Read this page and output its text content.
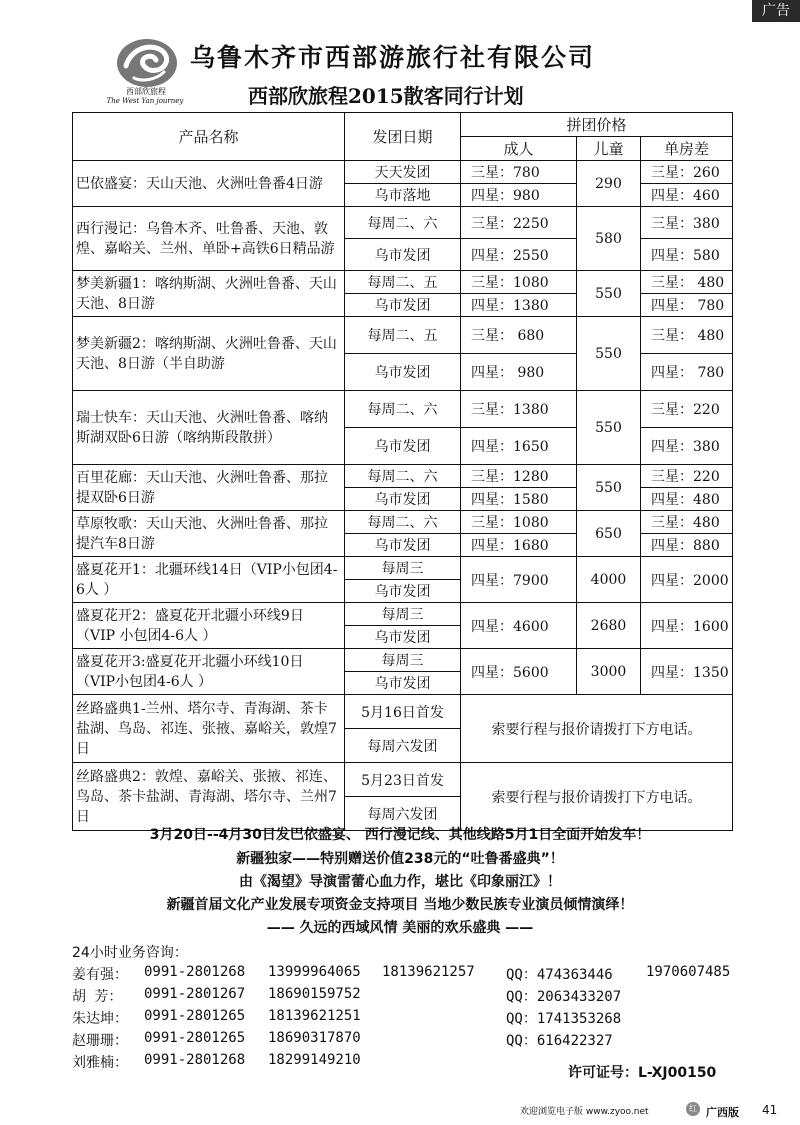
广告
西部欣旅程
The West Yan journey
乌鲁木齐市西部游旅行社有限公司
西部欣旅程2015散客同行计划
产品名称	发团日期	拼团价格		
		成人	儿童	单房差
巴依盛宴：天山天池、火洲吐鲁番4日游	天天发团	三星：780	290	三星：260
	乌市落地	四星：980		四星：460
西行漫记：乌鲁木齐、吐鲁番、天池、敦煌、嘉峪关、兰州、单卧+高铁6日精品游	每周二、六	三星：2250	580	三星：380
	乌市发团	四星：2550		四星：580
梦美新疆1：喀纳斯湖、火洲吐鲁番、天山天池、8日游	每周二、五	三星：1080	550	三星： 480
	乌市发团	四星：1380		四星： 780
梦美新疆2：喀纳斯湖、火洲吐鲁番、天山天池、8日游（半自助游	每周二、五	三星： 680	550	三星： 480
	乌市发团	四星： 980		四星： 780
瑞士快车：天山天池、火洲吐鲁番、喀纳斯湖双卧6日游（喀纳斯段散拼）	每周二、六	三星：1380	550	三星：220
	乌市发团	四星：1650		四星：380
百里花廊：天山天池、火洲吐鲁番、那拉提双卧6日游	每周二、六	三星：1280	550	三星：220
	乌市发团	四星：1580		四星：480
草原牧歌：天山天池、火洲吐鲁番、那拉提汽车8日游	每周二、六	三星：1080	650	三星：480
	乌市发团	四星：1680		四星：880
盛夏花开1：北疆环线14日（VIP小包团4-6人 ）	每周三	四星：7900	4000	四星：2000
	乌市发团			
盛夏花开2：盛夏花开北疆小环线9日（VIP 小包团4-6人 ）	每周三	四星：4600	2680	四星：1600
	乌市发团			
盛夏花开3:盛夏花开北疆小环线10日（VIP小包团4-6人 ）	每周三	四星：5600	3000	四星：1350
	乌市发团			
丝路盛典1-兰州、塔尔寺、青海湖、茶卡盐湖、鸟岛、祁连、张掖、嘉峪关，敦煌7日	5月16日首发	索要行程与报价请拨打下方电话。		
	每周六发团			
丝路盛典2：敦煌、嘉峪关、张掖、祁连、鸟岛、茶卡盐湖、青海湖、塔尔寺、兰州7日	5月23日首发	索要行程与报价请拨打下方电话。		
	每周六发团			
3月20日--4月30日发巴依盛宴、 西行漫记线、其他线路5月1日全面开始发车！
新疆独家——特别赠送价值238元的“吐鲁番盛典”！
由《渴望》导演雷蕾心血力作，堪比《印象丽江》！
新疆首届文化产业发展专项资金支持项目 当地少数民族专业演员倾情演绎！
—— 久远的西域风情 美丽的欢乐盛典 ——
24小时业务咨询：
姜有强： 0991-2801268 13999964065 18139621257 QQ：474363446 1970607485
胡 芳： 0991-2801267 18690159752	QQ：2063433207
朱达坤： 0991-2801265 18139621251	QQ：1741353268
赵珊珊： 0991-2801265 18690317870	QQ：616422327
刘雅楠： 0991-2801268 18299149210
许可证号：L-XJ00150
欢迎浏览电子版 www.zyoo.net	红 广西版 41
